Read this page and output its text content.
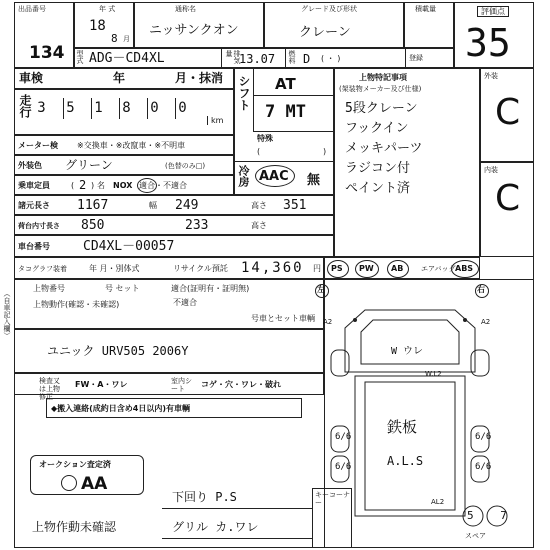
出品番号
134
年 式
18
8 月
通称名
ニッサンクオン
グレード及び形状
クレーン
積載量	評価点
35
型式 ADG－CD4XL	排気量 13.07 燃料 D ( ・ )	登録
車検	年	月・抹消
走行 3 5 1 8 0 0
km
メーター検 ※交換車・※改竄車・※不明車
外装色 グリーン	(色替のみ□)
乗車定員	( 2 ) 名 NOX 適合・不適合
諸元長さ 1167	幅 249	高さ 351
荷台内寸長さ 850	233	高さ
車台番号	CD4XL－00057
タコグラフ装着	年 月・別体式	リサイクル預託 14,360 円 PS PW AB	エアバッグ ABS
上物番号	号 セット	適合(証明有・証明無)
不適合
上物動作(確認・未確認)
号車とセット車輌
ユニック URV505 2006Y
検査又は上物修正
FW・A・ワレ	室内シート	コゲ・穴・ワレ・破れ
◆搬入連絡(成約日含め4日以内)有車輌
オークション査定済
AA
下回り P.S
上物作動未確認	グリル カ.ワレ
キーコーナー
（自車記入欄）
シフト AT
7 MT
特殊
(	)
冷房 AAC 無
上物特記事項
(架装物メーカー及び仕様)
5段クレーン
フックイン
メッキパーツ
ラジコン付
ペイント済
外装
C
内装
C
左	右
A2	A2
W ウレ
W.L2
6/6
6/6
6/6
6/6
鉄板
A.L.S
AL2
5 7
スペア
